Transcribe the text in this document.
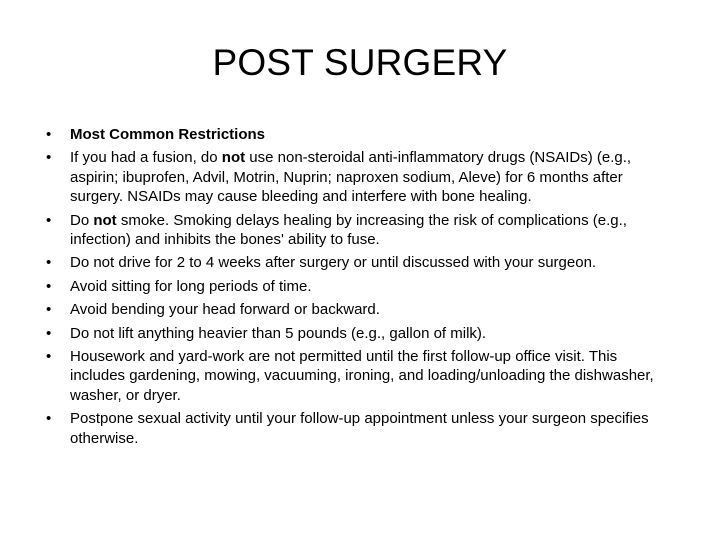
POST SURGERY
•	Most Common Restrictions
•	If you had a fusion, do not use non-steroidal anti-inflammatory drugs (NSAIDs) (e.g., aspirin; ibuprofen, Advil, Motrin, Nuprin; naproxen sodium, Aleve) for 6 months after surgery. NSAIDs may cause bleeding and interfere with bone healing.
•	Do not smoke. Smoking delays healing by increasing the risk of complications (e.g., infection) and inhibits the bones' ability to fuse.
•	Do not drive for 2 to 4 weeks after surgery or until discussed with your surgeon.
•	Avoid sitting for long periods of time.
•	Avoid bending your head forward or backward.
•	Do not lift anything heavier than 5 pounds (e.g., gallon of milk).
•	Housework and yard-work are not permitted until the first follow-up office visit. This includes gardening, mowing, vacuuming, ironing, and loading/unloading the dishwasher, washer, or dryer.
•	Postpone sexual activity until your follow-up appointment unless your surgeon specifies otherwise.
